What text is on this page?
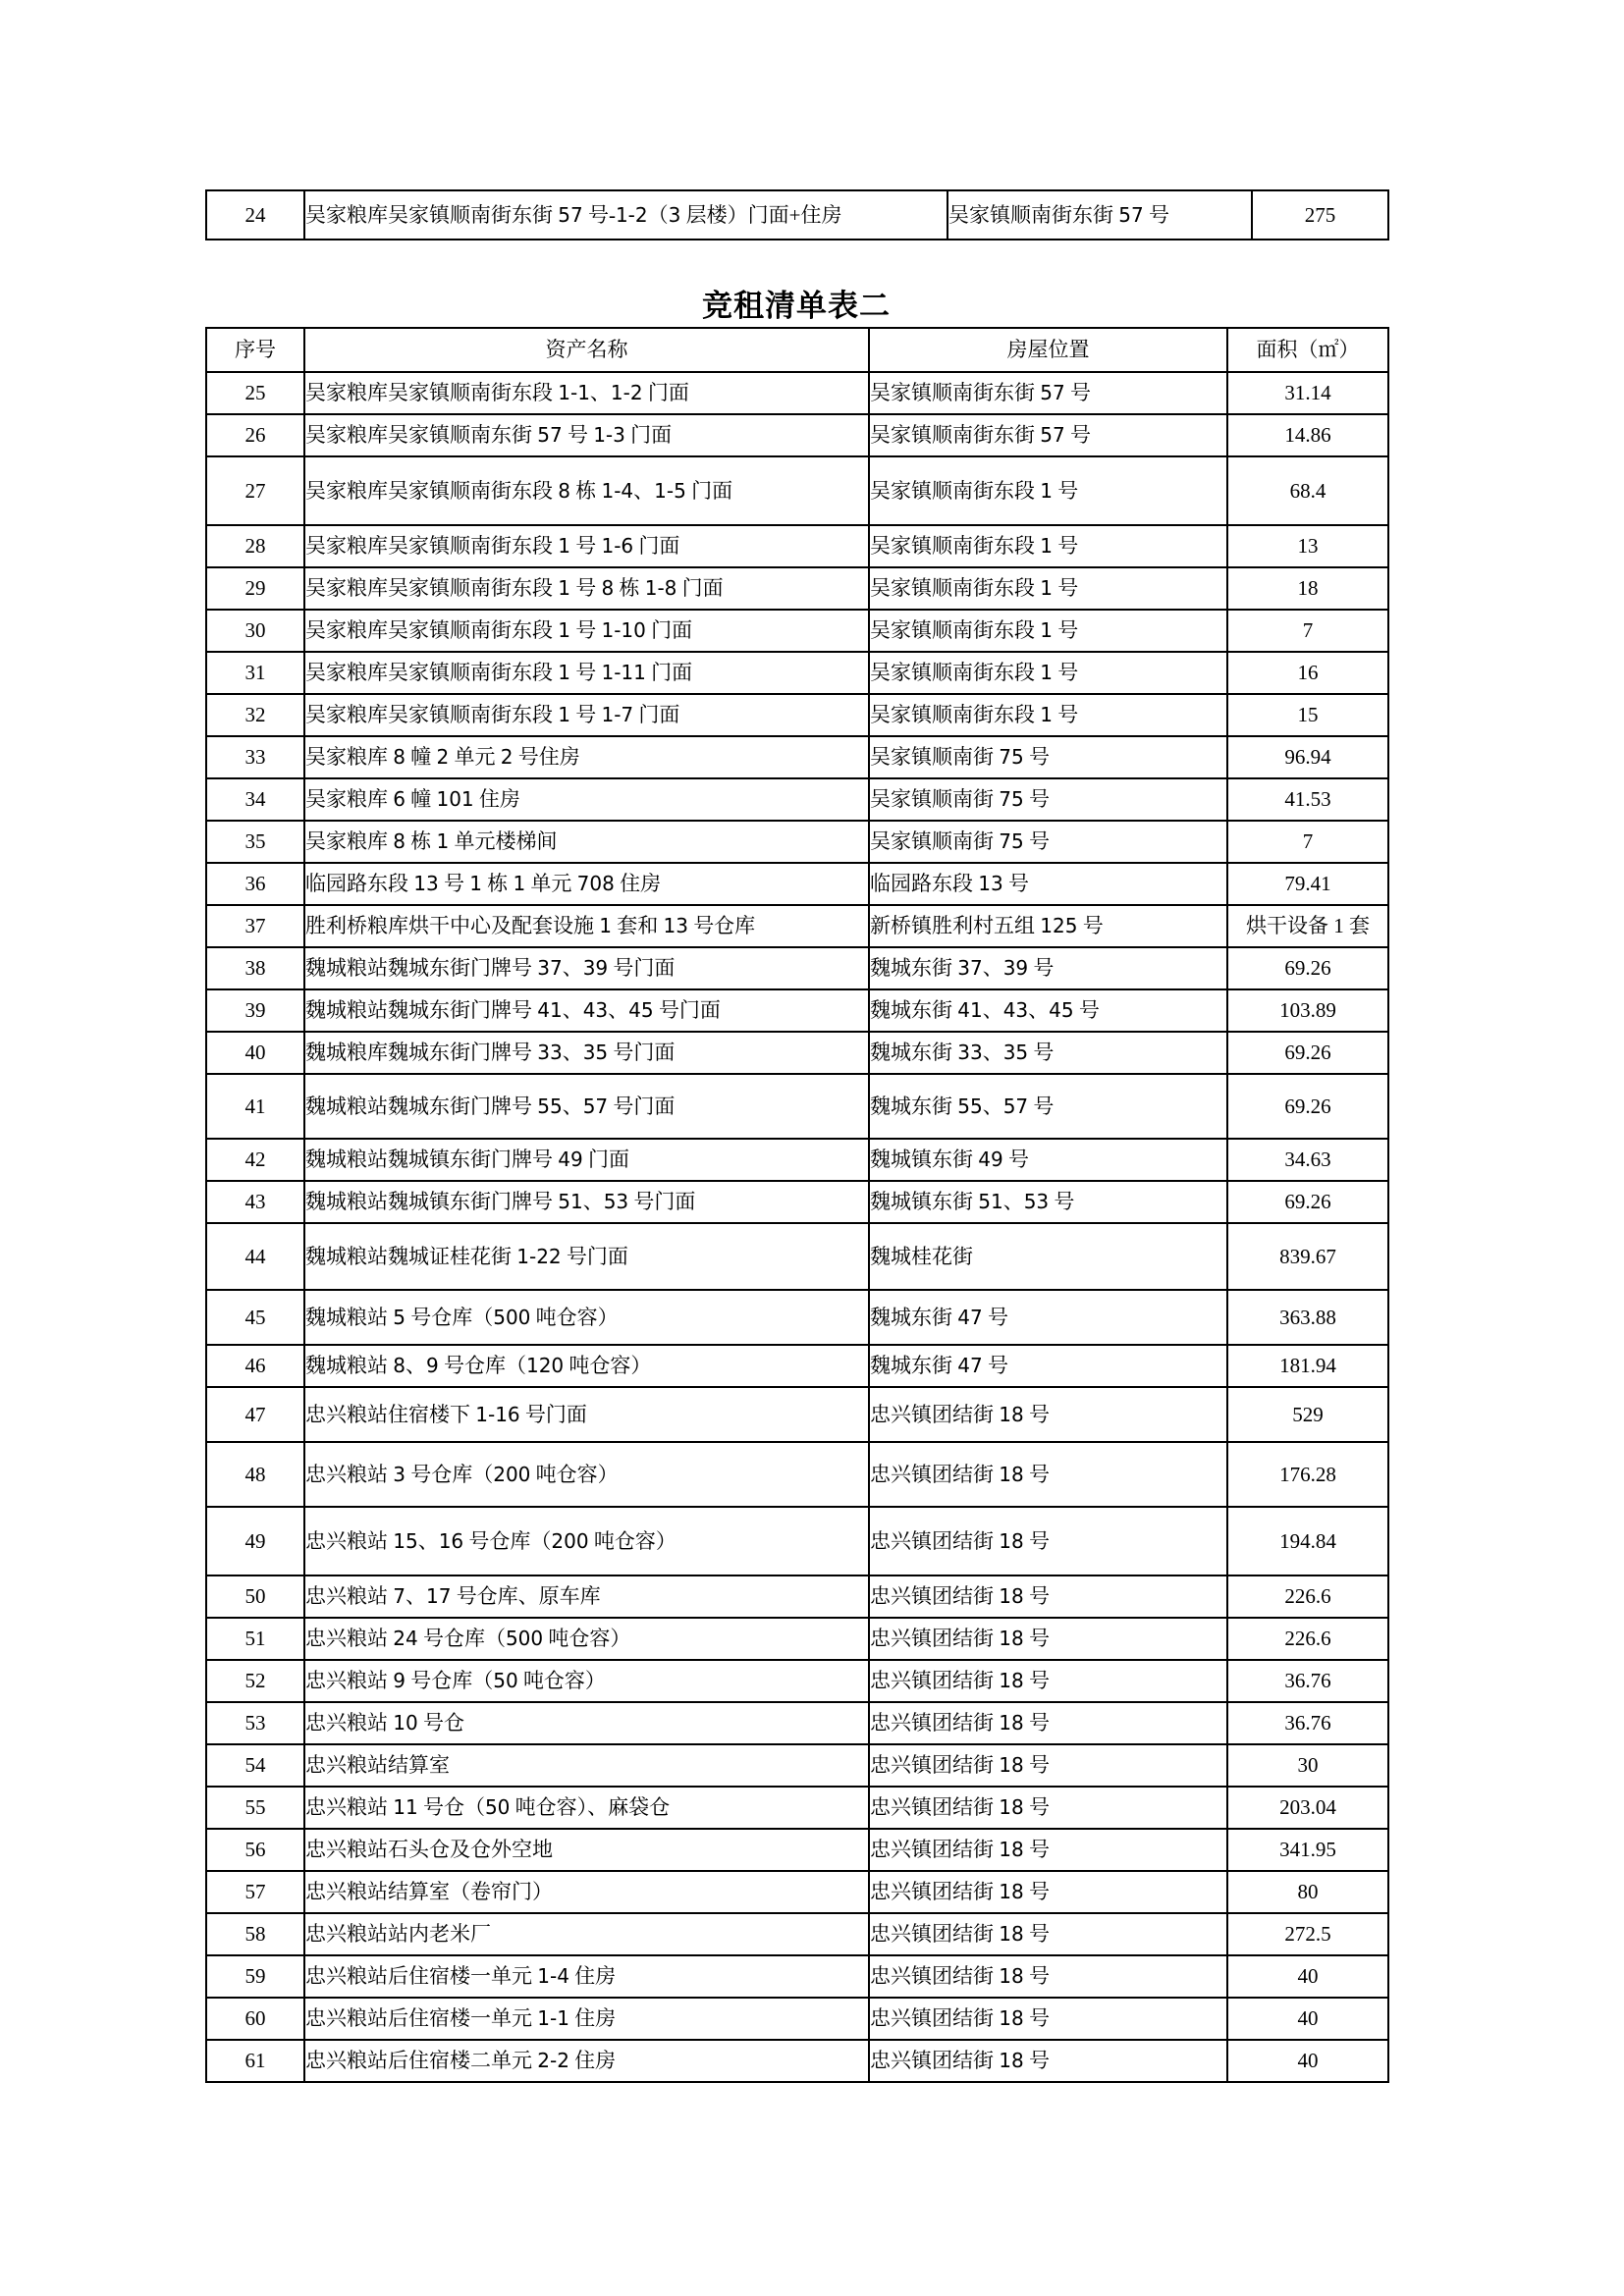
24	吴家粮库吴家镇顺南街东街 57 号-1-2（3 层楼）门面+住房	吴家镇顺南街东街 57 号	275
竞租清单表二
序号	资产名称	房屋位置	面积（㎡）
25	吴家粮库吴家镇顺南街东段 1-1、1-2 门面	吴家镇顺南街东街 57 号	31.14
26	吴家粮库吴家镇顺南东街 57 号 1-3 门面	吴家镇顺南街东街 57 号	14.86
27	吴家粮库吴家镇顺南街东段 8 栋 1-4、1-5 门面	吴家镇顺南街东段 1 号	68.4
28	吴家粮库吴家镇顺南街东段 1 号 1-6 门面	吴家镇顺南街东段 1 号	13
29	吴家粮库吴家镇顺南街东段 1 号 8 栋 1-8 门面	吴家镇顺南街东段 1 号	18
30	吴家粮库吴家镇顺南街东段 1 号 1-10 门面	吴家镇顺南街东段 1 号	7
31	吴家粮库吴家镇顺南街东段 1 号 1-11 门面	吴家镇顺南街东段 1 号	16
32	吴家粮库吴家镇顺南街东段 1 号 1-7 门面	吴家镇顺南街东段 1 号	15
33	吴家粮库 8 幢 2 单元 2 号住房	吴家镇顺南街 75 号	96.94
34	吴家粮库 6 幢 101 住房	吴家镇顺南街 75 号	41.53
35	吴家粮库 8 栋 1 单元楼梯间	吴家镇顺南街 75 号	7
36	临园路东段 13 号 1 栋 1 单元 708 住房	临园路东段 13 号	79.41
37	胜利桥粮库烘干中心及配套设施 1 套和 13 号仓库	新桥镇胜利村五组 125 号	烘干设备 1 套
38	魏城粮站魏城东街门牌号 37、39 号门面	魏城东街 37、39 号	69.26
39	魏城粮站魏城东街门牌号 41、43、45 号门面	魏城东街 41、43、45 号	103.89
40	魏城粮库魏城东街门牌号 33、35 号门面	魏城东街 33、35 号	69.26
41	魏城粮站魏城东街门牌号 55、57 号门面	魏城东街 55、57 号	69.26
42	魏城粮站魏城镇东街门牌号 49 门面	魏城镇东街 49 号	34.63
43	魏城粮站魏城镇东街门牌号 51、53 号门面	魏城镇东街 51、53 号	69.26
44	魏城粮站魏城证桂花街 1-22 号门面	魏城桂花街	839.67
45	魏城粮站 5 号仓库（500 吨仓容）	魏城东街 47 号	363.88
46	魏城粮站 8、9 号仓库（120 吨仓容）	魏城东街 47 号	181.94
47	忠兴粮站住宿楼下 1-16 号门面	忠兴镇团结街 18 号	529
48	忠兴粮站 3 号仓库（200 吨仓容）	忠兴镇团结街 18 号	176.28
49	忠兴粮站 15、16 号仓库（200 吨仓容）	忠兴镇团结街 18 号	194.84
50	忠兴粮站 7、17 号仓库、原车库	忠兴镇团结街 18 号	226.6
51	忠兴粮站 24 号仓库（500 吨仓容）	忠兴镇团结街 18 号	226.6
52	忠兴粮站 9 号仓库（50 吨仓容）	忠兴镇团结街 18 号	36.76
53	忠兴粮站 10 号仓	忠兴镇团结街 18 号	36.76
54	忠兴粮站结算室	忠兴镇团结街 18 号	30
55	忠兴粮站 11 号仓（50 吨仓容）、麻袋仓	忠兴镇团结街 18 号	203.04
56	忠兴粮站石头仓及仓外空地	忠兴镇团结街 18 号	341.95
57	忠兴粮站结算室（卷帘门）	忠兴镇团结街 18 号	80
58	忠兴粮站站内老米厂	忠兴镇团结街 18 号	272.5
59	忠兴粮站后住宿楼一单元 1-4 住房	忠兴镇团结街 18 号	40
60	忠兴粮站后住宿楼一单元 1-1 住房	忠兴镇团结街 18 号	40
61	忠兴粮站后住宿楼二单元 2-2 住房	忠兴镇团结街 18 号	40
